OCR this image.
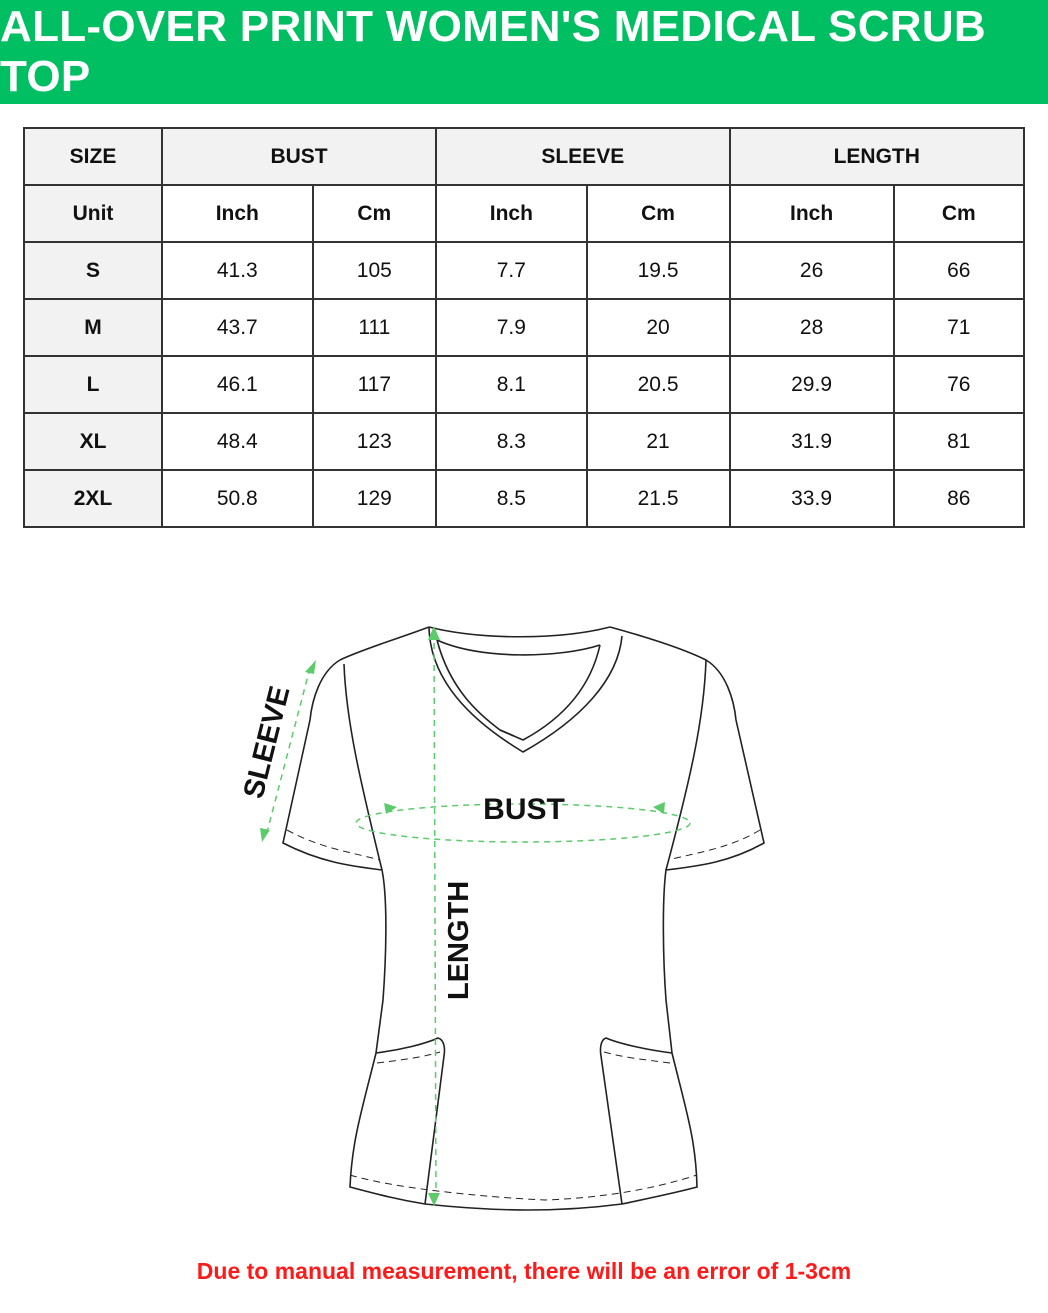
ALL-OVER PRINT WOMEN'S MEDICAL SCRUB TOP
SIZE	BUST		SLEEVE		LENGTH	
Unit	Inch	Cm	Inch	Cm	Inch	Cm
S	41.3	105	7.7	19.5	26	66
M	43.7	111	7.9	20	28	71
L	46.1	117	8.1	20.5	29.9	76
XL	48.4	123	8.3	21	31.9	81
2XL	50.8	129	8.5	21.5	33.9	86
BUST
LENGTH
SLEEVE
Due to manual measurement, there will be an error of 1-3cm
